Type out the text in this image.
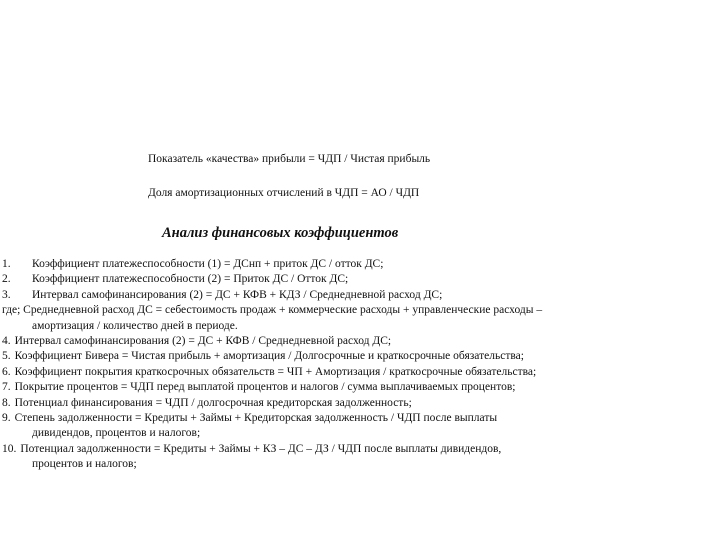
Показатель «качества» прибыли = ЧДП / Чистая прибыль
Доля амортизационных отчислений в ЧДП = АО / ЧДП
Анализ финансовых коэффициентов
1. Коэффициент платежеспособности (1) = ДСнп + приток ДС / отток ДС;
2. Коэффициент платежеспособности (2) = Приток ДС / Отток ДС;
3. Интервал самофинансирования (2) = ДС + КФВ + КДЗ / Среднедневной расход ДС;
где; Среднедневной расход ДС = себестоимость продаж + коммерческие расходы + управленческие расходы –
амортизация / количество дней в периоде.
4. Интервал самофинансирования (2) = ДС + КФВ / Среднедневной расход ДС;
5. Коэффициент Бивера = Чистая прибыль + амортизация / Долгосрочные и краткосрочные обязательства;
6. Коэффициент покрытия краткосрочных обязательств = ЧП + Амортизация / краткосрочные обязательства;
7. Покрытие процентов = ЧДП перед выплатой процентов и налогов / сумма выплачиваемых процентов;
8. Потенциал финансирования = ЧДП / долгосрочная кредиторская задолженность;
9. Степень задолженности = Кредиты + Займы + Кредиторская задолженность / ЧДП после выплаты
дивидендов, процентов и налогов;
10. Потенциал задолженности = Кредиты + Займы + КЗ – ДС – ДЗ / ЧДП после выплаты дивидендов,
процентов и налогов;
